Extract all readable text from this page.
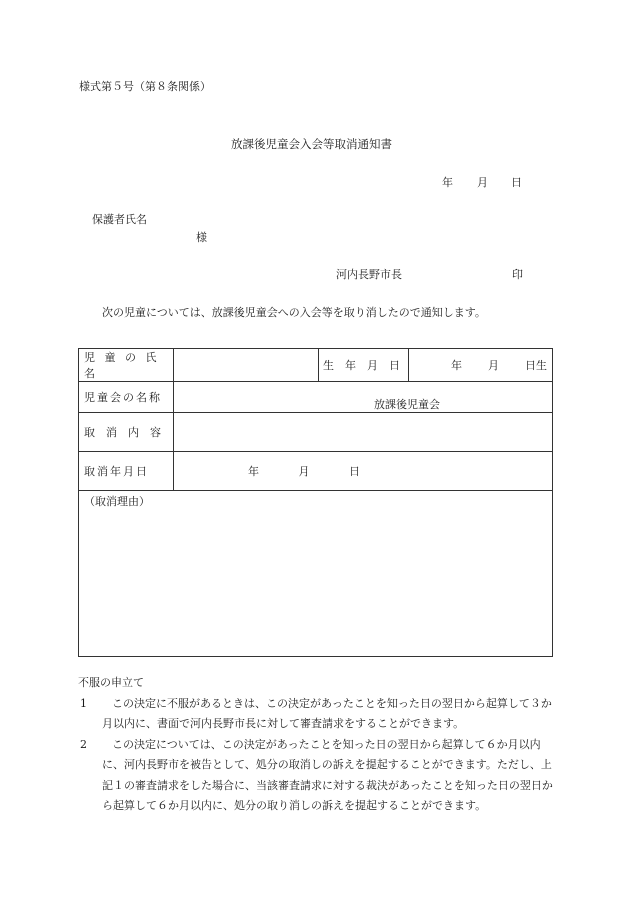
様式第５号（第８条関係）
放課後児童会入会等取消通知書
年 月 日
保護者氏名
様
河内長野市長	印
次の児童については、放課後児童会への入会等を取り消したので通知します。
児 童 の 氏 名		生　年　月　日	年 月 日生

児童会の名称	放課後児童会		
取　消　内　容			
取消年月日	年 月 日		
（取消理由）			
不服の申立て
1	この決定に不服があるときは、この決定があったことを知った日の翌日から起算して３か月以内に、書面で河内長野市長に対して審査請求をすることができます。
2	この決定については、この決定があったことを知った日の翌日から起算して６か月以内に、河内長野市を被告として、処分の取消しの訴えを提起することができます。ただし、上記１の審査請求をした場合に、当該審査請求に対する裁決があったことを知った日の翌日から起算して６か月以内に、処分の取り消しの訴えを提起することができます。
